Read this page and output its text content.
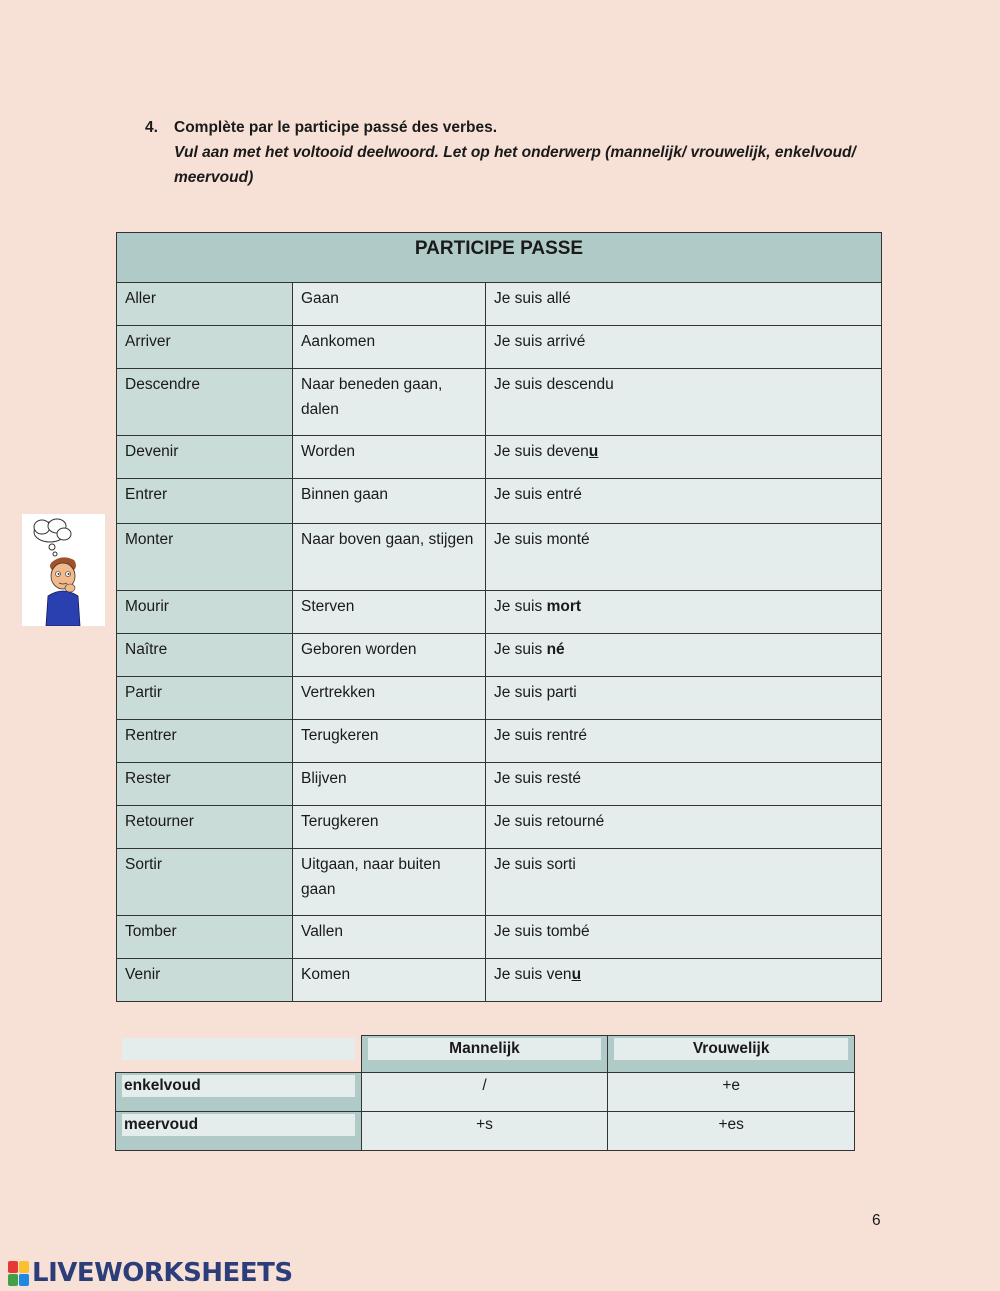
4. Complète par le participe passé des verbes.
Vul aan met het voltooid deelwoord. Let op het onderwerp (mannelijk/ vrouwelijk, enkelvoud/ meervoud)
PARTICIPE PASSE		
Aller	Gaan	Je suis allé
Arriver	Aankomen	Je suis arrivé
Descendre	Naar beneden gaan, dalen	Je suis descendu
Devenir	Worden	Je suis devenu
Entrer	Binnen gaan	Je suis entré
Monter	Naar boven gaan, stijgen	Je suis monté
Mourir	Sterven	Je suis mort
Naître	Geboren worden	Je suis né
Partir	Vertrekken	Je suis parti
Rentrer	Terugkeren	Je suis rentré
Rester	Blijven	Je suis resté
Retourner	Terugkeren	Je suis retourné
Sortir	Uitgaan, naar buiten gaan	Je suis sorti
Tomber	Vallen	Je suis tombé
Venir	Komen	Je suis venu

	Mannelijk	Vrouwelijk

enkelvoud	/	+e

meervoud	+s	+es
6
LIVEWORKSHEETS
